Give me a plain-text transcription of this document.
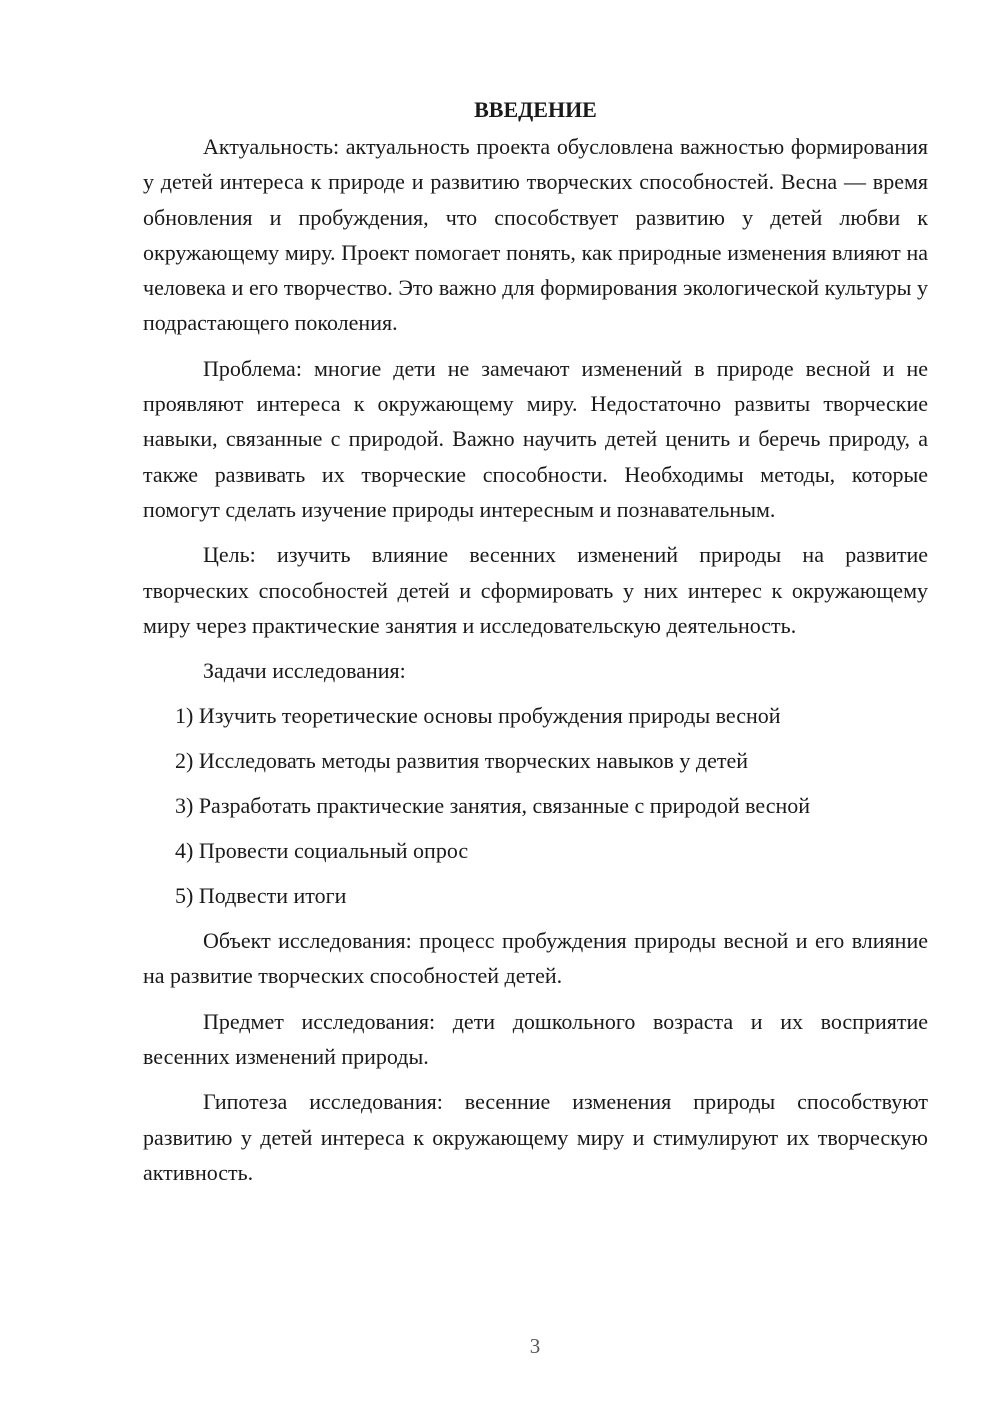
ВВЕДЕНИЕ

Актуальность: актуальность проекта обусловлена важностью формирования у детей интереса к природе и развитию творческих способностей. Весна — время обновления и пробуждения, что способствует развитию у детей любви к окружающему миру. Проект помогает понять, как природные изменения влияют на человека и его творчество. Это важно для формирования экологической культуры у подрастающего поколения.

Проблема: многие дети не замечают изменений в природе весной и не проявляют интереса к окружающему миру. Недостаточно развиты творческие навыки, связанные с природой. Важно научить детей ценить и беречь природу, а также развивать их творческие способности. Необходимы методы, которые помогут сделать изучение природы интересным и познавательным.

Цель: изучить влияние весенних изменений природы на развитие творческих способностей детей и сформировать у них интерес к окружающему миру через практические занятия и исследовательскую деятельность.

Задачи исследования:

1) Изучить теоретические основы пробуждения природы весной
2) Исследовать методы развития творческих навыков у детей
3) Разработать практические занятия, связанные с природой весной
4) Провести социальный опрос
5) Подвести итоги

Объект исследования: процесс пробуждения природы весной и его влияние на развитие творческих способностей детей.

Предмет исследования: дети дошкольного возраста и их восприятие весенних изменений природы.

Гипотеза исследования: весенние изменения природы способствуют развитию у детей интереса к окружающему миру и стимулируют их творческую активность.

3
